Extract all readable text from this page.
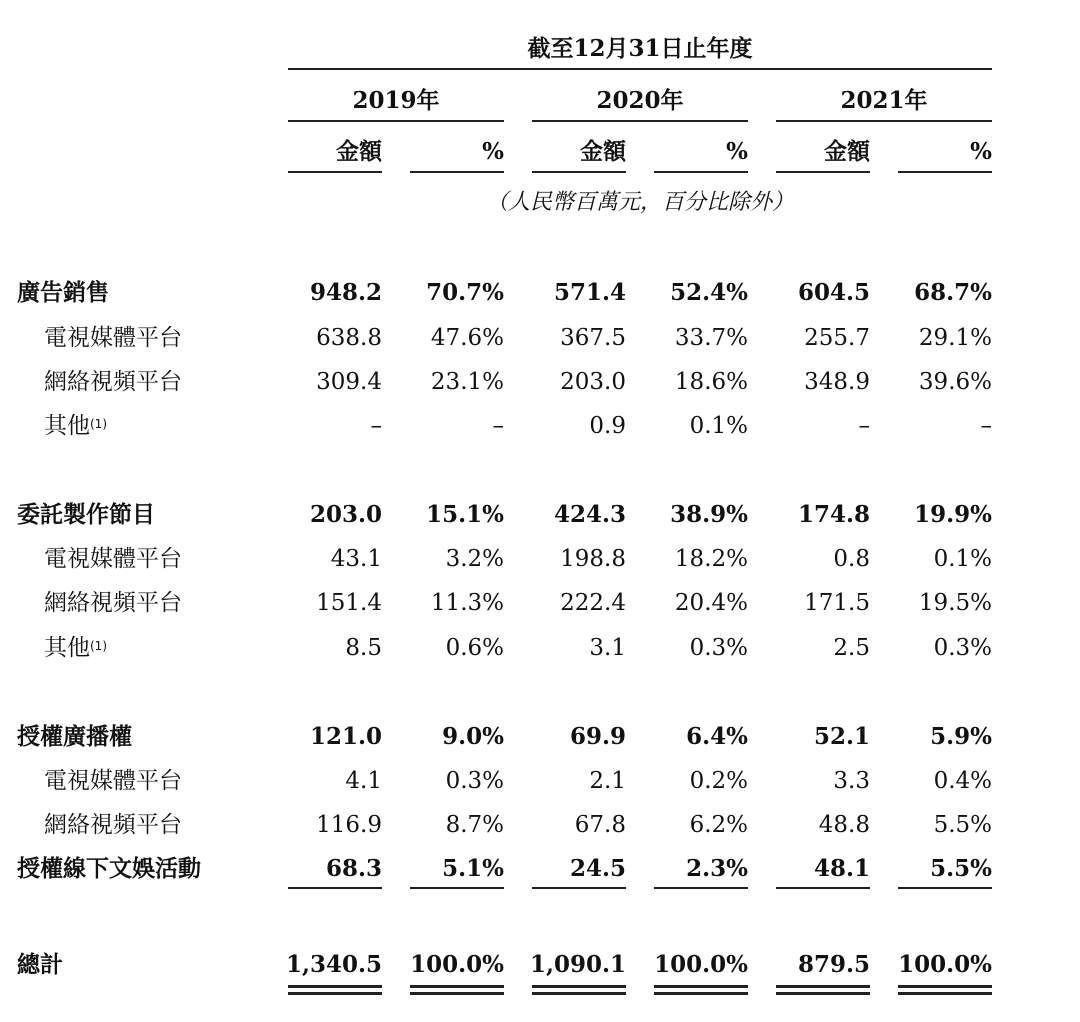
截至12月31日止年度
2019年	2020年	2021年
金額	%	金額	%	金額	%
（人民幣百萬元，百分比除外）
廣告銷售	948.2	70.7%	571.4	52.4%	604.5	68.7%
電視媒體平台	638.8	47.6%	367.5	33.7%	255.7	29.1%
網絡視頻平台	309.4	23.1%	203.0	18.6%	348.9	39.6%
其他$^{(1)}$	–	–	0.9	0.1%	–	–
委託製作節目	203.0	15.1%	424.3	38.9%	174.8	19.9%
電視媒體平台	43.1	3.2%	198.8	18.2%	0.8	0.1%
網絡視頻平台	151.4	11.3%	222.4	20.4%	171.5	19.5%
其他$^{(1)}$	8.5	0.6%	3.1	0.3%	2.5	0.3%
授權廣播權	121.0	9.0%	69.9	6.4%	52.1	5.9%
電視媒體平台	4.1	0.3%	2.1	0.2%	3.3	0.4%
網絡視頻平台	116.9	8.7%	67.8	6.2%	48.8	5.5%
授權線下文娛活動	68.3	5.1%	24.5	2.3%	48.1	5.5%
總計	1,340.5	100.0%	1,090.1	100.0%	879.5	100.0%
